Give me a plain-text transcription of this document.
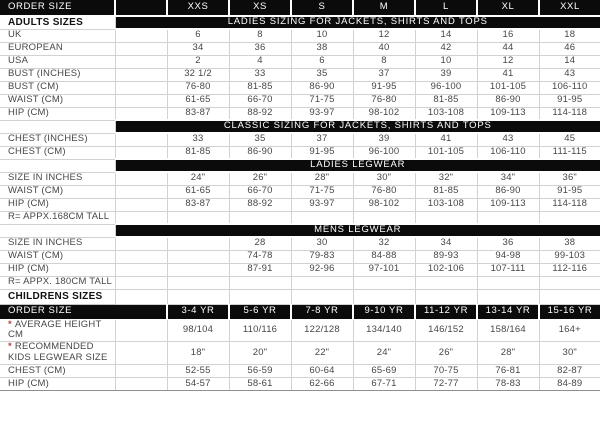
ORDER SIZE		XXS	XS	S	M	L	XL	XXL
ADULTS SIZES	LADIES SIZING FOR JACKETS, SHIRTS AND TOPS							
UK		6	8	10	12	14	16	18
EUROPEAN		34	36	38	40	42	44	46
USA		2	4	6	8	10	12	14
BUST (INCHES)		32 1/2	33	35	37	39	41	43
BUST (CM)		76-80	81-85	86-90	91-95	96-100	101-105	106-110
WAIST (CM)		61-65	66-70	71-75	76-80	81-85	86-90	91-95
HIP (CM)		83-87	88-92	93-97	98-102	103-108	109-113	114-118
	CLASSIC SIZING FOR JACKETS, SHIRTS AND TOPS							
CHEST (INCHES)		33	35	37	39	41	43	45
CHEST (CM)		81-85	86-90	91-95	96-100	101-105	106-110	111-115
	LADIES LEGWEAR							
SIZE IN INCHES		24"	26"	28"	30"	32"	34"	36"
WAIST (CM)		61-65	66-70	71-75	76-80	81-85	86-90	91-95
HIP (CM)		83-87	88-92	93-97	98-102	103-108	109-113	114-118
R= APPX.168CM TALL								
	MENS LEGWEAR							
SIZE IN INCHES			28	30	32	34	36	38
WAIST (CM)			74-78	79-83	84-88	89-93	94-98	99-103
HIP (CM)			87-91	92-96	97-101	102-106	107-111	112-116
R= APPX. 180CM TALL								
CHILDRENS SIZES								
ORDER SIZE		3-4 YR	5-6 YR	7-8 YR	9-10 YR	11-12 YR	13-14 YR	15-16 YR
* AVERAGE HEIGHT CM		98/104	110/116	122/128	134/140	146/152	158/164	164+
* RECOMMENDED KIDS LEGWEAR SIZE		18"	20"	22"	24"	26"	28"	30"
CHEST (CM)		52-55	56-59	60-64	65-69	70-75	76-81	82-87
HIP (CM)		54-57	58-61	62-66	67-71	72-77	78-83	84-89
